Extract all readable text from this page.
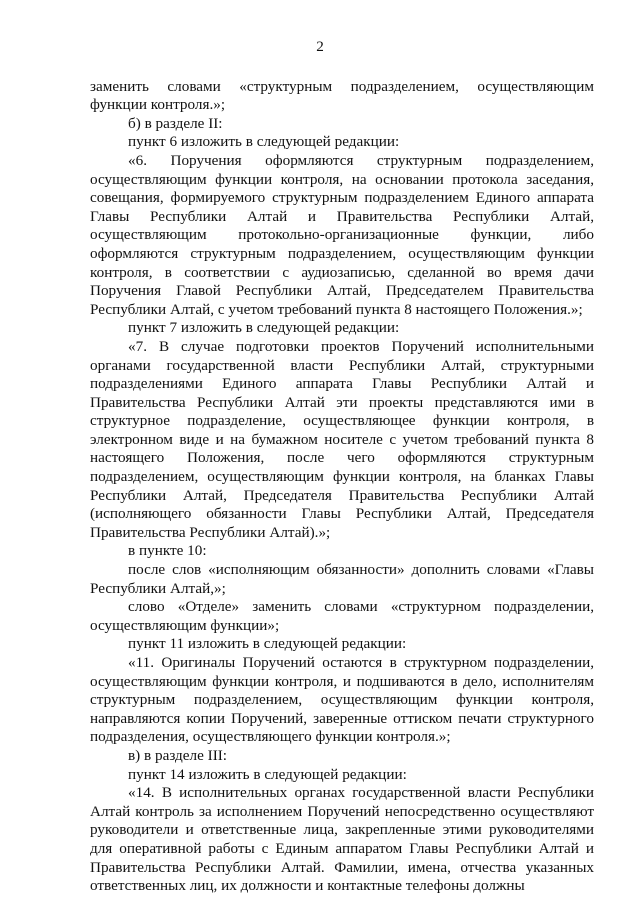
2

заменить словами «структурным подразделением, осуществляющим функции контроля.»;

б) в разделе II:

пункт 6 изложить в следующей редакции:

«6. Поручения оформляются структурным подразделением, осуществляющим функции контроля, на основании протокола заседания, совещания, формируемого структурным подразделением Единого аппарата Главы Республики Алтай и Правительства Республики Алтай, осуществляющим протокольно-организационные функции, либо оформляются структурным подразделением, осуществляющим функции контроля, в соответствии с аудиозаписью, сделанной во время дачи Поручения Главой Республики Алтай, Председателем Правительства Республики Алтай, с учетом требований пункта 8 настоящего Положения.»;

пункт 7 изложить в следующей редакции:

«7. В случае подготовки проектов Поручений исполнительными органами государственной власти Республики Алтай, структурными подразделениями Единого аппарата Главы Республики Алтай и Правительства Республики Алтай эти проекты представляются ими в структурное подразделение, осуществляющее функции контроля, в электронном виде и на бумажном носителе с учетом требований пункта 8 настоящего Положения, после чего оформляются структурным подразделением, осуществляющим функции контроля, на бланках Главы Республики Алтай, Председателя Правительства Республики Алтай (исполняющего обязанности Главы Республики Алтай, Председателя Правительства Республики Алтай).»;

в пункте 10:

после слов «исполняющим обязанности» дополнить словами «Главы Республики Алтай,»;

слово «Отделе» заменить словами «структурном подразделении, осуществляющим функции»;

пункт 11 изложить в следующей редакции:

«11. Оригиналы Поручений остаются в структурном подразделении, осуществляющим функции контроля, и подшиваются в дело, исполнителям структурным подразделением, осуществляющим функции контроля, направляются копии Поручений, заверенные оттиском печати структурного подразделения, осуществляющего функции контроля.»;

в) в разделе III:

пункт 14 изложить в следующей редакции:

«14. В исполнительных органах государственной власти Республики Алтай контроль за исполнением Поручений непосредственно осуществляют руководители и ответственные лица, закрепленные этими руководителями для оперативной работы с Единым аппаратом Главы Республики Алтай и Правительства Республики Алтай. Фамилии, имена, отчества указанных ответственных лиц, их должности и контактные телефоны должны
